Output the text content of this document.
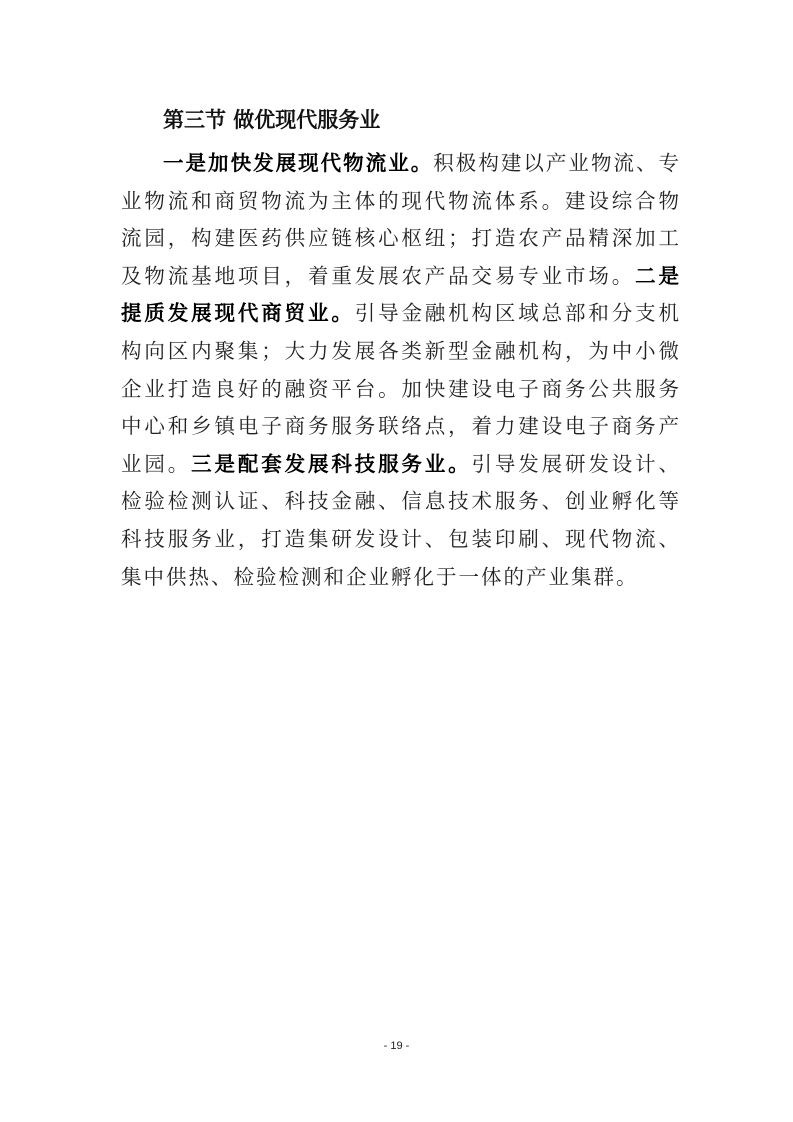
第三节 做优现代服务业
一是加快发展现代物流业。积极构建以产业物流、专业物流和商贸物流为主体的现代物流体系。建设综合物流园，构建医药供应链核心枢纽；打造农产品精深加工及物流基地项目，着重发展农产品交易专业市场。二是提质发展现代商贸业。引导金融机构区域总部和分支机构向区内聚集；大力发展各类新型金融机构，为中小微企业打造良好的融资平台。加快建设电子商务公共服务中心和乡镇电子商务服务联络点，着力建设电子商务产业园。三是配套发展科技服务业。引导发展研发设计、检验检测认证、科技金融、信息技术服务、创业孵化等科技服务业，打造集研发设计、包装印刷、现代物流、集中供热、检验检测和企业孵化于一体的产业集群。
- 19 -
